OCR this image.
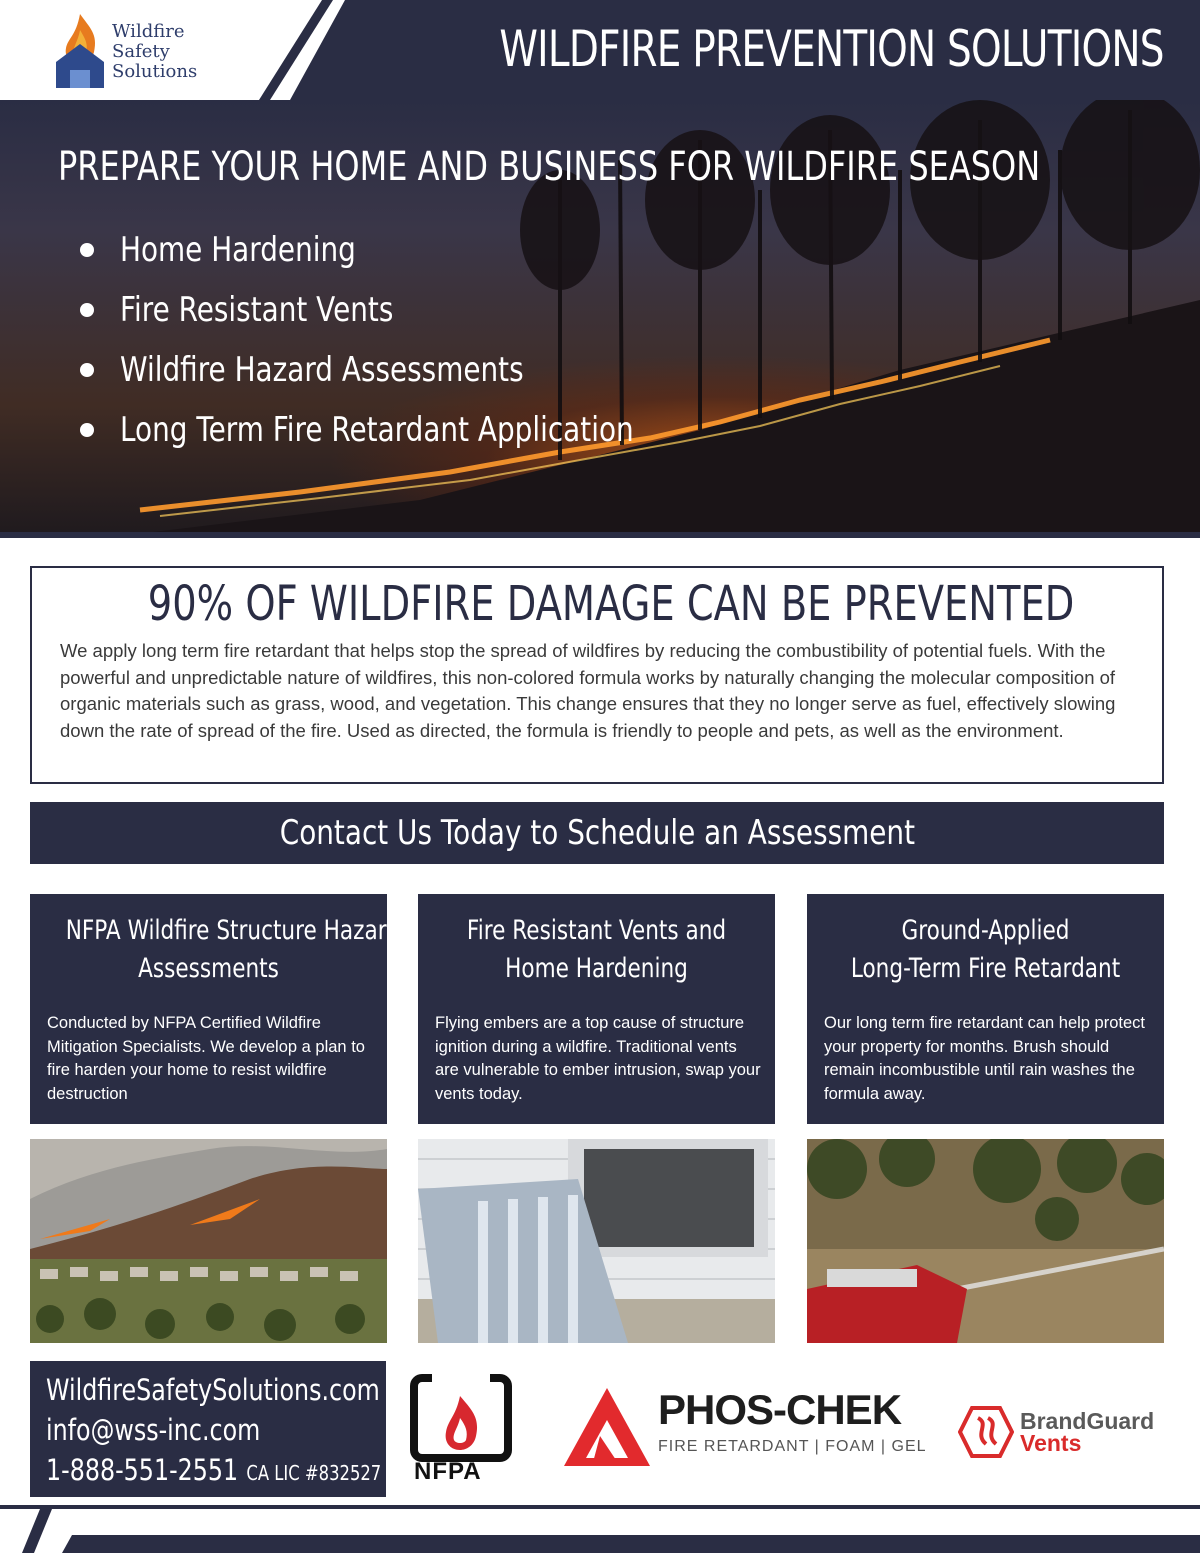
Wildfire
Safety
Solutions	WILDFIRE PREVENTION SOLUTIONS
PREPARE YOUR HOME AND BUSINESS FOR WILDFIRE SEASON
Home Hardening
Fire Resistant Vents
Wildfire Hazard Assessments
Long Term Fire Retardant Application
90% OF WILDFIRE DAMAGE CAN BE PREVENTED
We apply long term fire retardant that helps stop the spread of wildfires by reducing the combustibility of potential fuels. With the powerful and unpredictable nature of wildfires, this non-colored formula works by naturally changing the molecular composition of organic materials such as grass, wood, and vegetation. This change ensures that they no longer serve as fuel, effectively slowing down the rate of spread of the fire. Used as directed, the formula is friendly to people and pets, as well as the environment.
Contact Us Today to Schedule an Assessment
NFPA Wildfire Structure Hazard
Assessments
Conducted by NFPA Certified Wildfire Mitigation Specialists. We develop a plan to fire harden your home to resist wildfire destruction
Fire Resistant Vents and
Home Hardening
Flying embers are a top cause of structure ignition during a wildfire. Traditional vents are vulnerable to ember intrusion, swap your vents today.
Ground-Applied
Long-Term Fire Retardant
Our long term fire retardant can help protect your property for months. Brush should remain incombustible until rain washes the formula away.
WildfireSafetySolutions.com
info@wss-inc.com
1-888-551-2551 CA LIC #832527 NFPA
PHOS-CHEK
FIRE RETARDANT | FOAM | GEL
BrandGuard
Vents
